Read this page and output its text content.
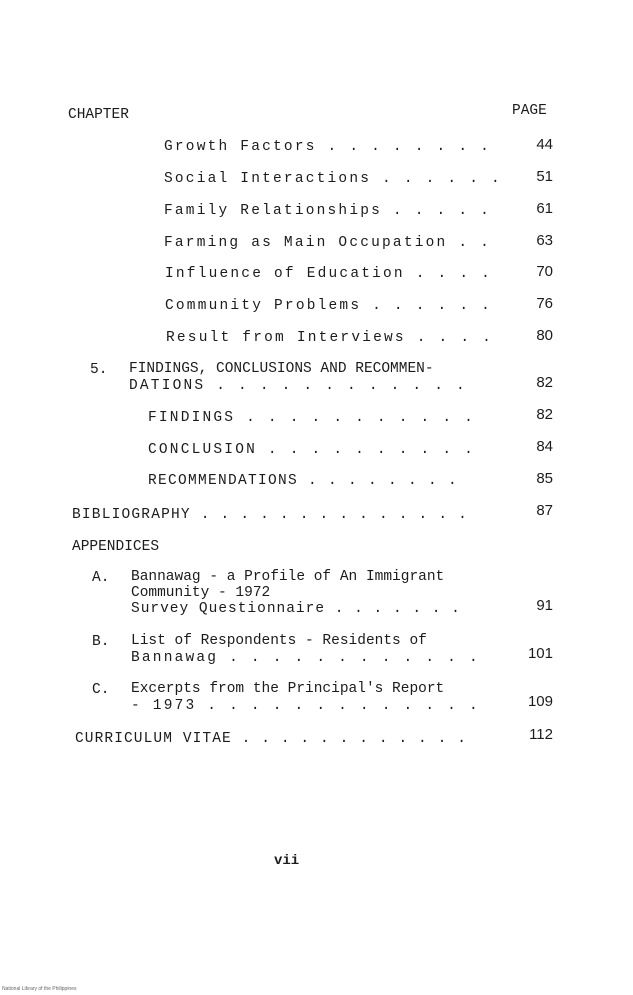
CHAPTER	PAGE
Growth Factors . . . . . . . .	44
Social Interactions . . . . . .	51
Family Relationships . . . . .	61
Farming as Main Occupation . .	63
Influence of Education . . . .	70
Community Problems . . . . . .	76
Result from Interviews . . . .	80
5. FINDINGS, CONCLUSIONS AND RECOMMEN-
DATIONS . . . . . . . . . . . .	82
FINDINGS . . . . . . . . . . .	82
CONCLUSION . . . . . . . . . .	84
RECOMMENDATIONS . . . . . . . .	85
BIBLIOGRAPHY . . . . . . . . . . . . . .	87
APPENDICES
A. Bannawag - a Profile of An Immigrant
Community - 1972
Survey Questionnaire . . . . . . .	91
B. List of Respondents - Residents of
Bannawag . . . . . . . . . . . .	101
C. Excerpts from the Principal's Report
- 1973 . . . . . . . . . . . . .	109
CURRICULUM VITAE . . . . . . . . . . . .	112
vii
National Library of the Philippines
